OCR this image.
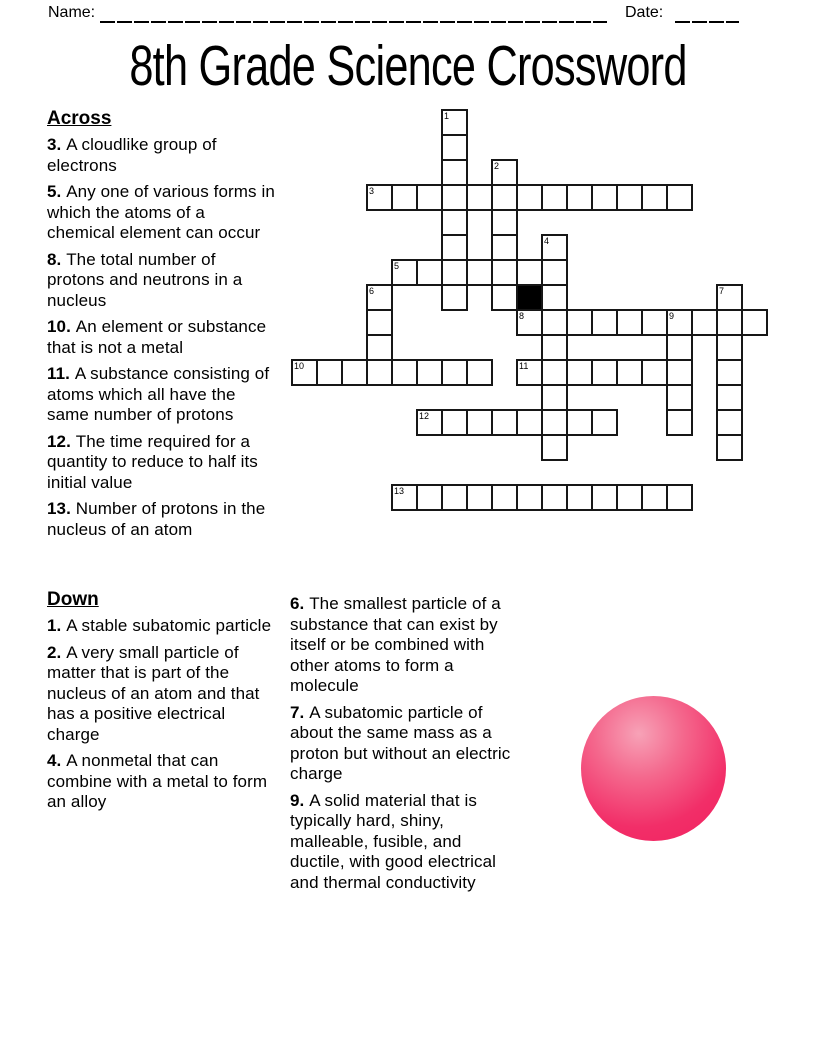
Name:	Date:
8th Grade Science Crossword
Across

3. A cloudlike group of electrons

5. Any one of various forms in which the atoms of a chemical element can occur

8. The total number of protons and neutrons in a nucleus

10. An element or substance that is not a metal

11. A substance consisting of atoms which all have the same number of protons

12. The time required for a quantity to reduce to half its initial value

13. Number of protons in the nucleus of an atom

Down

1. A stable subatomic particle

2. A very small particle of matter that is part of the nucleus of an atom and that has a positive electrical charge

4. A nonmetal that can combine with a metal to form an alloy

6. The smallest particle of a substance that can exist by itself or be combined with other atoms to form a molecule

7. A subatomic particle of about the same mass as a proton but without an electric charge

9. A solid material that is typically hard, shiny, malleable, fusible, and ductile, with good electrical and thermal conductivity

1
2
3
4
5
6	7
8	9
10	11
12
13
